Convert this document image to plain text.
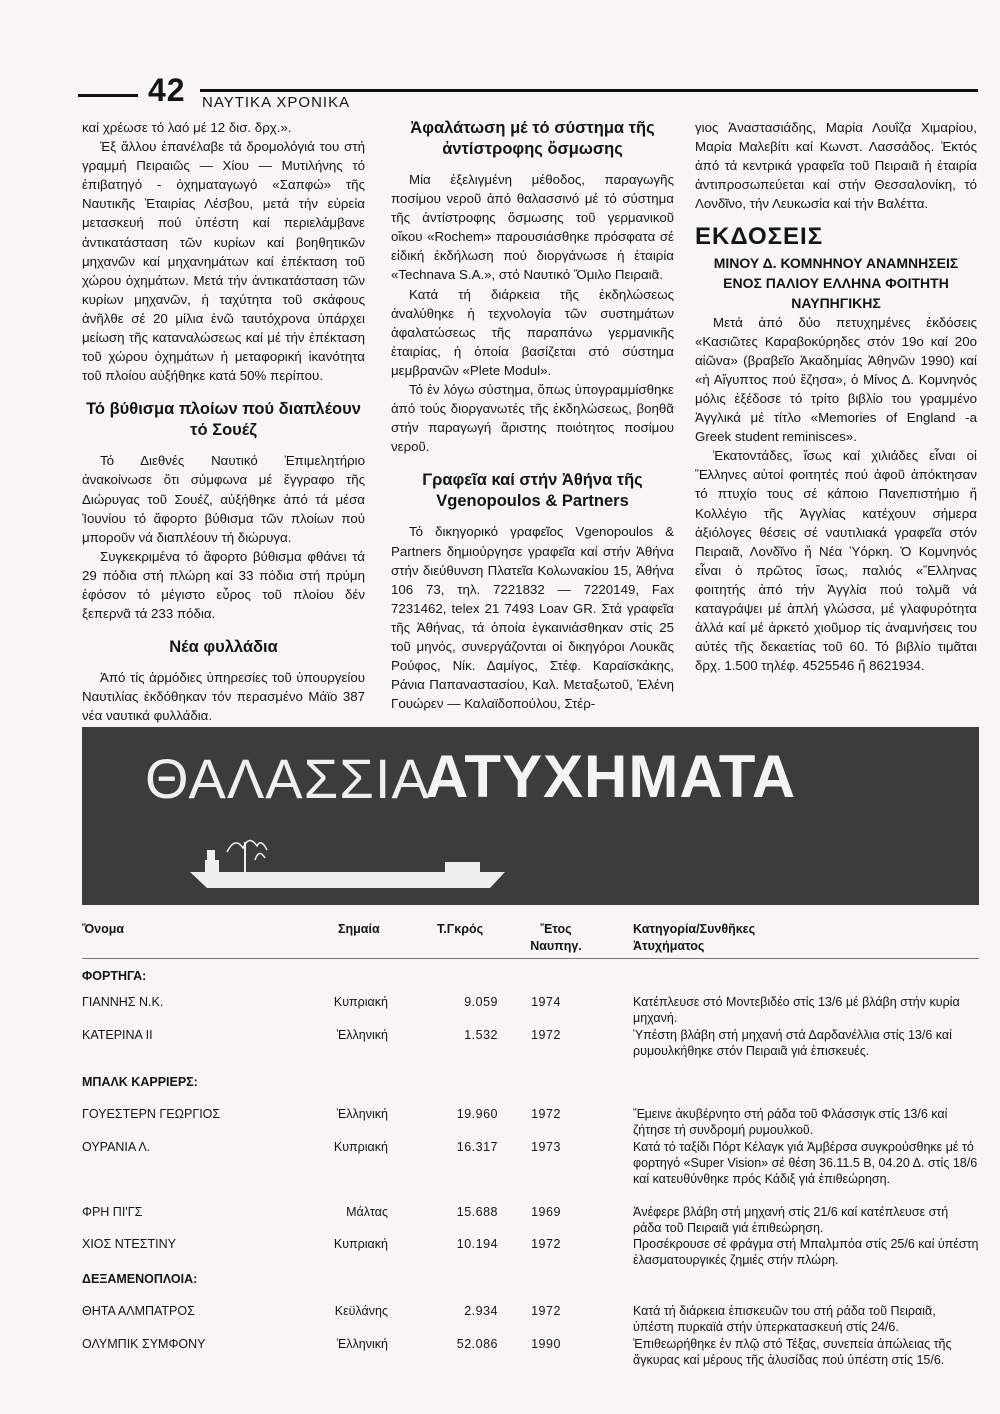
42 ΝΑΥΤΙΚΑ ΧΡΟΝΙΚΑ

καί χρέωσε τό λαό μέ 12 δισ. δρχ.».

Ἐξ ἄλλου ἐπανέλαβε τά δρομολόγιά του στή γραμμή Πειραιῶς — Χίου — Μυτιλήνης τό ἐπιβατηγό - ὀχηματαγωγό «Σαπφώ» τῆς Ναυτικῆς Ἑταιρίας Λέσβου, μετά τήν εὐρεία μετασκευή πού ὑπέστη καί περιελάμβανε ἀντικατάσταση τῶν κυρίων καί βοηθητικῶν μηχανῶν καί μηχανημάτων καί ἐπέκταση τοῦ χώρου ὀχημάτων. Μετά τήν ἀντικατάσταση τῶν κυρίων μηχανῶν, ἡ ταχύτητα τοῦ σκάφους ἀνῆλθε σέ 20 μίλια ἐνῶ ταυτόχρονα ὑπάρχει μείωση τῆς καταναλώσεως καί μέ τήν ἐπέκταση τοῦ χώρου ὀχημάτων ἡ μεταφορική ἱκανότητα τοῦ πλοίου αὐξήθηκε κατά 50% περίπου.

Τό βύθισμα πλοίων πού διαπλέουν τό Σουέζ

Τό Διεθνές Ναυτικό Ἐπιμελητήριο ἀνακοίνωσε ὅτι σύμφωνα μέ ἔγγραφο τῆς Διώρυγας τοῦ Σουέζ, αὐξήθηκε ἀπό τά μέσα Ἰουνίου τό ἄφορτο βύθισμα τῶν πλοίων πού μποροῦν νά διαπλέουν τή διώρυγα.

Συγκεκριμένα τό ἄφορτο βύθισμα φθάνει τά 29 πόδια στή πλώρη καί 33 πόδια στή πρύμη ἐφόσον τό μέγιστο εὖρος τοῦ πλοίου δέν ξεπερνᾶ τά 233 πόδια.

Νέα φυλλάδια

Ἀπό τίς ἁρμόδιες ὑπηρεσίες τοῦ ὑπουργείου Ναυτιλίας ἐκδόθηκαν τόν περασμένο Μάϊο 387 νέα ναυτικά φυλλάδια.

Ἀφαλάτωση μέ τό σύστημα τῆς ἀντίστροφης ὄσμωσης

Μία ἐξελιγμένη μέθοδος, παραγωγῆς ποσίμου νεροῦ ἀπό θαλασσινό μέ τό σύστημα τῆς ἀντίστροφης ὄσμωσης τοῦ γερμανικοῦ οἴκου «Rochem» παρουσιάσθηκε πρόσφατα σέ εἰδική ἐκδήλωση πού διοργάνωσε ἡ ἑταιρία «Technava S.A.», στό Ναυτικό Ὅμιλο Πειραιᾶ.

Κατά τή διάρκεια τῆς ἐκδηλώσεως ἀναλύθηκε ἡ τεχνολογία τῶν συστημάτων ἀφαλατώσεως τῆς παραπάνω γερμανικῆς ἑταιρίας, ἡ ὁποία βασίζεται στό σύστημα μεμβρανῶν «Plete Modul».

Τό ἐν λόγω σύστημα, ὅπως ὑπογραμμίσθηκε ἀπό τούς διοργανωτές τῆς ἐκδηλώσεως, βοηθᾶ στήν παραγωγή ἄριστης ποιότητος ποσίμου νεροῦ.

Γραφεῖα καί στήν Ἀθήνα τῆς Vgenopoulos & Partners

Τό δικηγορικό γραφεῖος Vgenopoulos & Partners δημιούργησε γραφεῖα καί στήν Ἀθήνα στήν διεύθυνση Πλατεῖα Κολωνακίου 15, Ἀθήνα 106 73, τηλ. 7221832 — 7220149, Fax 7231462, telex 21 7493 Loav GR. Στά γραφεῖα τῆς Ἀθήνας, τά ὁποία ἐγκαινιάσθηκαν στίς 25 τοῦ μηνός, συνεργάζονται οἱ δικηγόροι Λουκᾶς Ρούφος, Νίκ. Δαμίγος, Στέφ. Καραϊσκάκης, Ράνια Παπαναστασίου, Καλ. Μεταξωτοῦ, Ἑλένη Γουώρεν — Καλαϊδοπούλου, Στέρ-

γιος Ἀναστασιάδης, Μαρία Λουΐζα Χιμαρίου, Μαρία Μαλεβίτι καί Κωνστ. Λασσάδος. Ἐκτός ἀπό τά κεντρικά γραφεῖα τοῦ Πειραιᾶ ἡ ἑταιρία ἀντιπροσωπεύεται καί στήν Θεσσαλονίκη, τό Λονδῖνο, τήν Λευκωσία καί τήν Βαλέττα.

ΕΚΔΟΣΕΙΣ
ΜΙΝΟΥ Δ. ΚΟΜΝΗΝΟΥ ΑΝΑΜΝΗΣΕΙΣ ΕΝΟΣ ΠΑΛΙΟΥ ΕΛΛΗΝΑ ΦΟΙΤΗΤΗ ΝΑΥΠΗΓΙΚΗΣ

Μετά ἀπό δύο πετυχημένες ἐκδόσεις «Κασιῶτες Καραβοκύρηδες στόν 19ο καί 20ο αἰῶνα» (βραβεῖο Ἀκαδημίας Ἀθηνῶν 1990) καί «ἡ Αἴγυπτος πού ἔζησα», ὁ Μίνος Δ. Κομνηνός μόλις ἐξέδοσε τό τρίτο βιβλίο του γραμμένο Ἀγγλικά μέ τίτλο «Memories of England -a Greek student reminisces».

Ἑκατοντάδες, ἴσως καί χιλιάδες εἶναι οἱ Ἕλληνες αὐτοί φοιτητές πού ἀφοῦ ἀπόκτησαν τό πτυχίο τους σέ κάποιο Πανεπιστήμιο ἤ Κολλέγιο τῆς Ἀγγλίας κατέχουν σήμερα ἀξιόλογες θέσεις σέ ναυτιλιακά γραφεῖα στόν Πειραιᾶ, Λονδῖνο ἤ Νέα Ὑόρκη. Ὁ Κομνηνός εἶναι ὁ πρῶτος ἴσως, παλιός «Ἕλληνας φοιτητής ἀπό τήν Ἀγγλία πού τολμᾶ νά καταγράψει μέ ἁπλή γλώσσα, μέ γλαφυρότητα ἀλλά καί μέ ἀρκετό χιοῦμορ τίς ἀναμνήσεις του αὐτές τῆς δεκαετίας τοῦ 60. Τό βιβλίο τιμᾶται δρχ. 1.500 τηλέφ. 4525546 ἤ 8621934.

ΘΑΛΑΣΣΙΑ
ΑΤΥΧΗΜΑΤΑ
Ὄνομα	Σημαία	Τ.Γκρός	Ἔτος Ναυπηγ.
Κατηγορία/Συνθῆκες Ἀτυχήματος
ΦΟΡΤΗΓΑ:
ΓΙΑΝΝΗΣ Ν.Κ.	Κυπριακή	9.059	1974	Κατέπλευσε στό Μοντεβιδέο στίς 13/6 μέ βλάβη στήν κυρία μηχανή.
ΚΑΤΕΡΙΝΑ ΙΙ	Ἑλληνική	1.532	1972	Ὑπέστη βλάβη στή μηχανή στά Δαρδανέλλια στίς 13/6 καί ρυμουλκήθηκε στόν Πειραιᾶ γιά ἐπισκευές.
ΜΠΑΛΚ ΚΑΡΡΙΕΡΣ:
ΓΟΥΕΣΤΕΡΝ ΓΕΩΡΓΙΟΣ	Ἑλληνική	19.960	1972	Ἔμεινε ἀκυβέρνητο στή ράδα τοῦ Φλάσσιγκ στίς 13/6 καί ζήτησε τή συνδρομή ρυμουλκοῦ.
ΟΥΡΑΝΙΑ Λ.	Κυπριακή	16.317	1973	Κατά τό ταξίδι Πόρτ Κέλαγκ γιά Ἀμβέρσα συγκρούσθηκε μέ τό φορτηγό «Super Vision» σέ θέση 36.11.5 Β, 04.20 Δ. στίς 18/6 καί κατευθύνθηκε πρός Κάδιξ γιά ἐπιθεώρηση.
ΦΡΗ ΠΙ'ΓΣ	Μάλτας	15.688	1969	Ἀνέφερε βλάβη στή μηχανή στίς 21/6 καί κατέπλευσε στή ράδα τοῦ Πειραιᾶ γιά ἐπιθεώρηση.
ΧΙΟΣ ΝΤΕΣΤΙΝΥ	Κυπριακή	10.194	1972	Προσέκρουσε σέ φράγμα στή Μπαλμπόα στίς 25/6 καί ὑπέστη ἐλασματουργικές ζημιές στήν πλώρη.
ΔΕΞΑΜΕΝΟΠΛΟΙΑ:
ΘΗΤΑ ΑΛΜΠΑΤΡΟΣ	Κεϋλάνης	2.934	1972	Κατά τή διάρκεια ἐπισκευῶν του στή ράδα τοῦ Πειραιᾶ, ὑπέστη πυρκαϊά στήν ὑπερκατασκευή στίς 24/6.
ΟΛΥΜΠΙΚ ΣΥΜΦΟΝΥ	Ἑλληνική	52.086	1990	Ἐπιθεωρήθηκε ἐν πλῷ στό Τέξας, συνεπεία ἀπώλειας τῆς ἄγκυρας καί μέρους τῆς ἁλυσίδας πού ὑπέστη στίς 15/6.
